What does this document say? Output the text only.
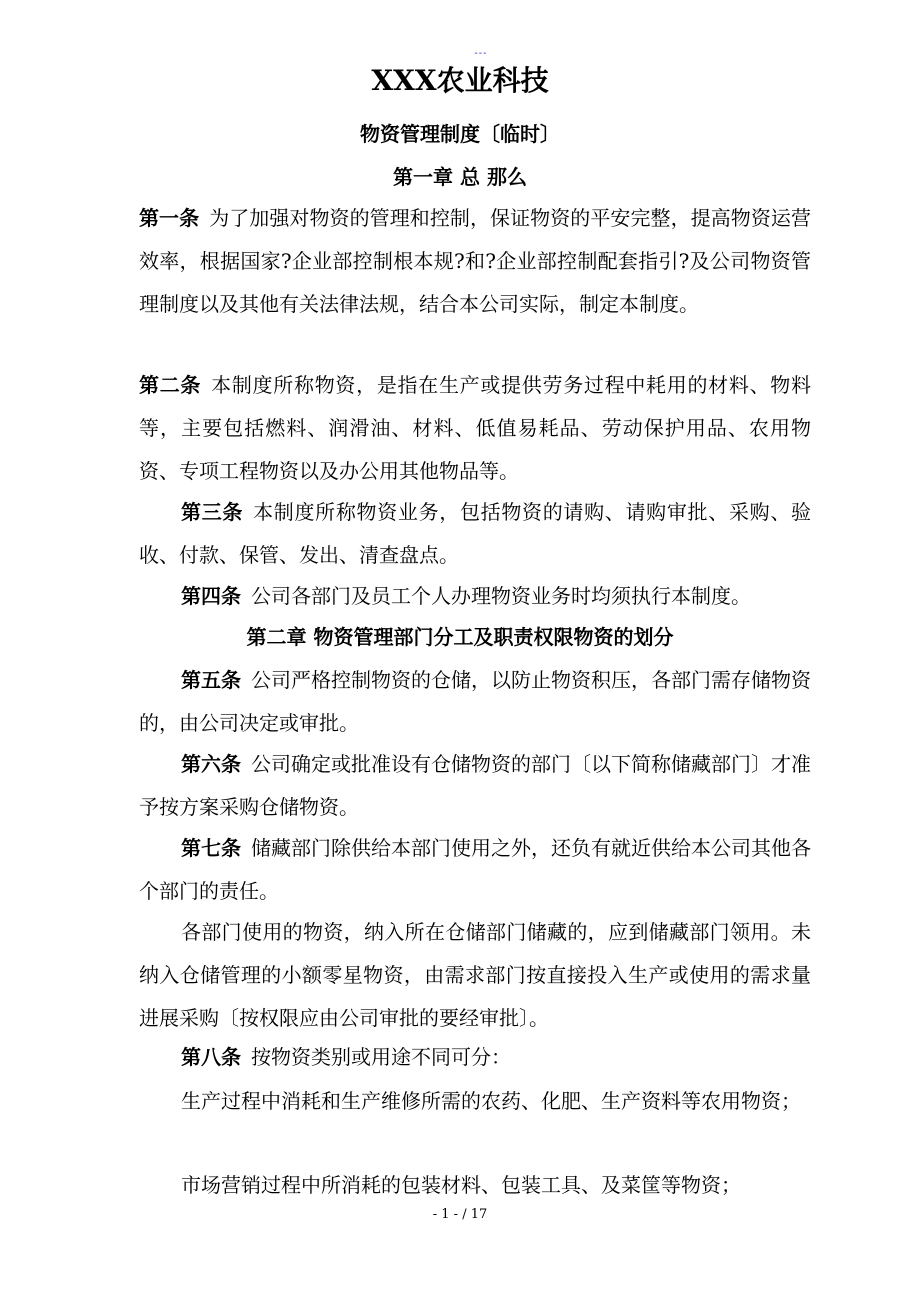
---
XXX农业科技
物资管理制度〔临时〕
第一章 总 那么

第一条 为了加强对物资的管理和控制，保证物资的平安完整，提高物资运营效率，根据国家?企业部控制根本规?和?企业部控制配套指引?及公司物资管理制度以及其他有关法律法规，结合本公司实际，制定本制度。

第二条 本制度所称物资，是指在生产或提供劳务过程中耗用的材料、物料等，主要包括燃料、润滑油、材料、低值易耗品、劳动保护用品、农用物资、专项工程物资以及办公用其他物品等。

第三条 本制度所称物资业务，包括物资的请购、请购审批、采购、验收、付款、保管、发出、清查盘点。

第四条 公司各部门及员工个人办理物资业务时均须执行本制度。

第二章 物资管理部门分工及职责权限物资的划分

第五条 公司严格控制物资的仓储，以防止物资积压，各部门需存储物资的，由公司决定或审批。

第六条 公司确定或批准设有仓储物资的部门〔以下简称储藏部门〕才准予按方案采购仓储物资。

第七条 储藏部门除供给本部门使用之外，还负有就近供给本公司其他各个部门的责任。

各部门使用的物资，纳入所在仓储部门储藏的，应到储藏部门领用。未纳入仓储管理的小额零星物资，由需求部门按直接投入生产或使用的需求量进展采购〔按权限应由公司审批的要经审批〕。

第八条 按物资类别或用途不同可分：

生产过程中消耗和生产维修所需的农药、化肥、生产资料等农用物资；

市场营销过程中所消耗的包装材料、包装工具、及菜筐等物资；

- 1 - / 17
